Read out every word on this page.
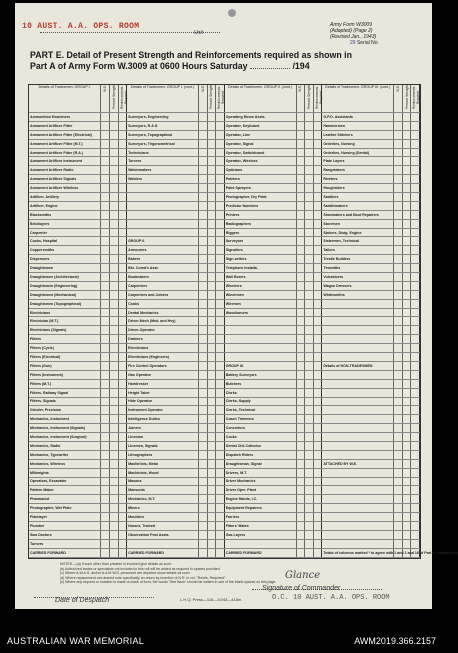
10 AUST. A.A. OPS. ROOM
Unit
Army Form W3009
(Adapted) (Page 2)
(Revised Jan., 1943)
29 Serial No.
PART E. Detail of Present Strength and Reinforcements required as shown in
Part A of Army Form W.3009 at 0600 Hours Saturday	/194
Details of Tradesmen. GROUP I.	W.E.	Present Strength	Reinforcements Required	Details of Tradesmen. GROUP I. (cont.)	W.E.	Present Strength	Reinforcements Required	Details of Tradesmen. GROUP II. (cont.)	W.E.	Present Strength	Reinforcements Required	Details of Tradesmen. GROUP III. (cont.)	W.E.	Present Strength	Reinforcements Required
Ammunition Examiners				Surveyors, Engineering				Operating Room Assts.				G.P.O. Assistants			
Armament Artificer Fitter				Surveyors, R.A.S.				Operator, Keyboard				Hammermen			
Armament Artificer Fitter (Electrical)				Surveyors, Topographical				Operator, Line				Leather Stitchers			
Armament Artificer Fitter (M.T.)				Surveyors, Trigonometrical				Operator, Signal				Orderlies, Nursing			
Armament Artificer Fitter (R.A.)				Technicians				Operator, Switchboard				Orderlies, Nursing (Dental)			
Armament Artificer Instrument				Turners				Operator, Wireless				Plate Layers			
Armament Artificer Radio				Watchmakers				Opticians				Rangetakers			
Armament Artificer Signals				Welders				Painters				Riveters			
Armament Artificer Wireless								Paint Sprayers				Roughriders			
Artificer, Artillery								Photographer, Dry Plate				Saddlers			
Artificer, Engine								Predictor Numbers				Saddlemakers			
Blacksmiths								Printers				Shoemakers and Boot Repairers			
Bricklayers								Radiographers				Storemen			
Carpenter								Riggers				Stokers, Distg. Engine			
Cooks, Hospital				GROUP II.				Surveyors				Sistermen, Technical			
Coppersmiths				Armourers				Signallers				Tailors			
Dispensers				Bakers				Sign-writers				Trestle Builders			
Draughtsmen				Bkr. Comd's Asst.				Telephone Installa.				Tinsmiths			
Draughtsmen (Architectural)				Bootmakers				Wall Borers				Vulcanizers			
Draughtsmen (Engineering)				Carpenters				Wheelers				Wagon Dressers			
Draughtsmen (Mechanical)				Carpenters and Joiners				Winchmen				Whitesmiths			
Draughtsmen (Topographical)				Cooks				Wiremen							
Electricians				Dental Mechanics				Woodturners							
Electrician (M.T.)				Driver-Mech (Med. and Hvy)											
Electricians (Signals)				Driver-Operator											
Fitters				Drainers											
Fitters (Cycle)				Electricians											
Fitters (Electrical)				Electricians (Engineers)											
Fitters (Gun)				Fire Control Operators				GROUP III.				Details of NON-TRADESMEN			
Fitters (Instrument)				Gas Operator				Battery Surveyors							
Fitters (M.T.)				Hairdresser				Butchers							
Fitters, Railway Signal				Height Taker				Clerks							
Fitters, Signals				Hide Operator				Clerks, Supply							
Grinder, Precision				Instrument Operator				Clerks, Technical							
Mechanics, Instrument				Intelligence Duties				Coach Trimmers							
Mechanics, Instrument (Signals)				Joiners				Concretors							
Mechanics, Instrument (Surgical)				Lineman				Cooks							
Mechanics, Radio				Linemen, Signals				Dental Chk Collector							
Mechanics, Typewriter				Lithographers				Dispatch Riders							
Mechanics, Wireless				Machinists, Metal				Draughtsman, Signal				ATTACHED BY W.E.			
Millwrights				Machinists, Wood				Drivers, M.T.							
Operators, Excavator				Masons				Driver Mechanics							
Pattern Maker				Mansonts				Driver Oper. Plant							
Pharmacist				Mechanics, M.T.				Engine Hands, I.C.							
Photographer, Wet Plate				Miners				Equipment Repairers							
Platelayer				Moulders				Farriers							
Plumber				Nurses, Trained				Fitters' Mates							
Saw Doctors				Observation Post Assts.				Gas Layers							
Turners															
CARRIED FORWARD				CARRIED FORWARD				CARRIED FORWARD				Totals of columns marked * to agree with 1 and 1 and 16 of Part A, respectively.			
NOTES.—(a) If such other than privates in involved give details as such.
(b) Authorized trades or specialists not included in this roll will be added as required to spaces provided.
(c) Where A.W.A.S. and/or A.A.M.W.S. personnel are depicted show details as such.
(d) Where replacement not desired note specifically on return by insertion of N.R. in col. "Reinfs. Required".
(e) Where any request or notation is made on back of form, the words "See Back" should be written in one of the blank spaces on this page.
Date of Despatch	L.H.Q. Press—116—10/43—415m.
Glance
Signature of Commander
O.C. 10 AUST. A.A. OPS. ROOM
AUSTRALIAN WAR MEMORIAL	AWM2019.366.2157
